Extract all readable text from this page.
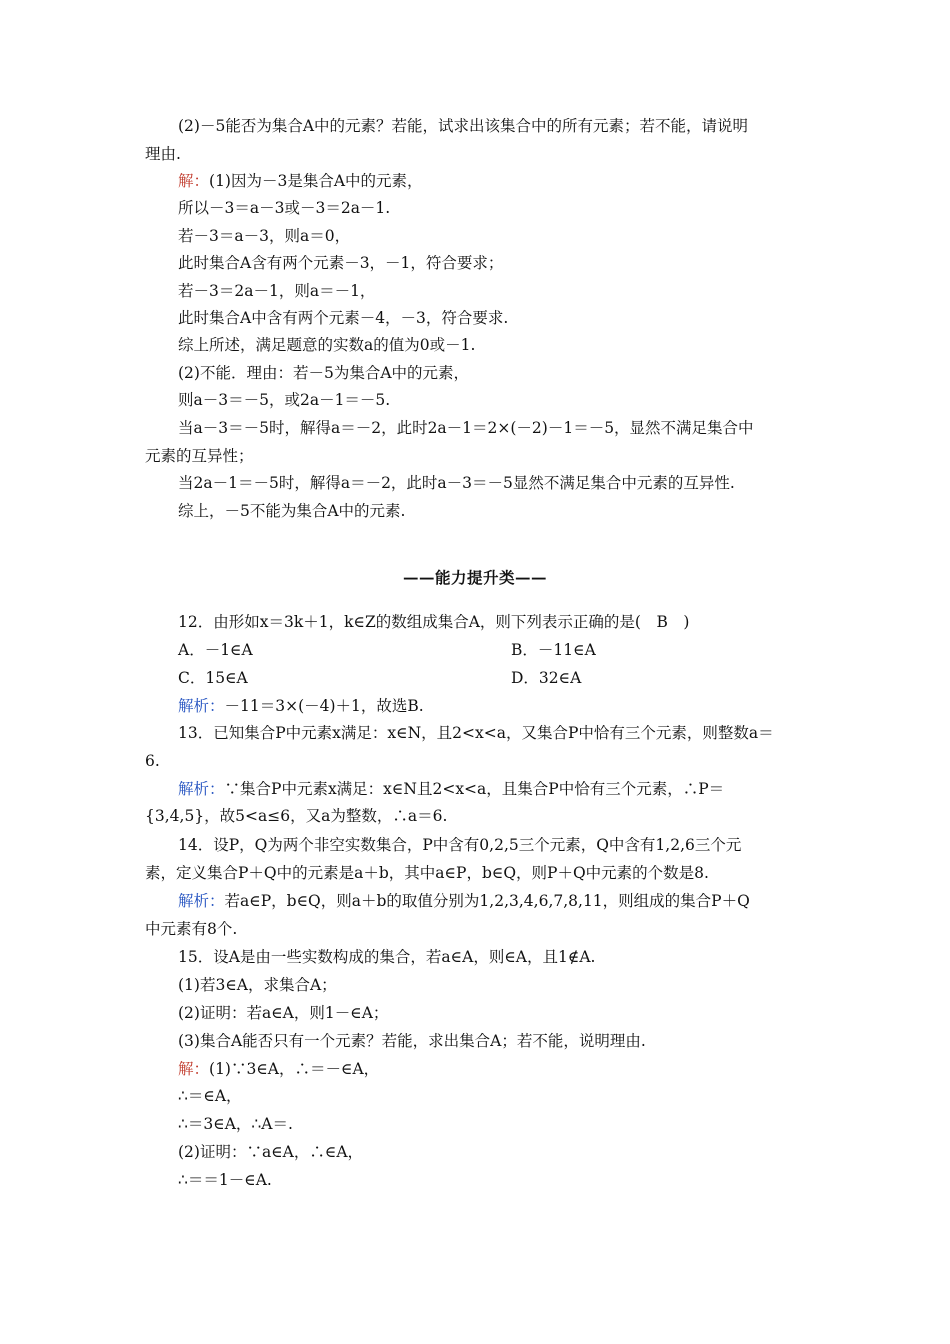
(2)－5能否为集合A中的元素？若能，试求出该集合中的所有元素；若不能，请说明
理由.
解：(1)因为－3是集合A中的元素，
所以－3＝a－3或－3＝2a－1.
若－3＝a－3，则a＝0，
此时集合A含有两个元素－3，－1，符合要求；
若－3＝2a－1，则a＝－1，
此时集合A中含有两个元素－4，－3，符合要求.
综上所述，满足题意的实数a的值为0或－1.
(2)不能．理由：若－5为集合A中的元素，
则a－3＝－5，或2a－1＝－5.
当a－3＝－5时，解得a＝－2，此时2a－1＝2×(－2)－1＝－5，显然不满足集合中
元素的互异性；
当2a－1＝－5时，解得a＝－2，此时a－3＝－5显然不满足集合中元素的互异性.
综上，－5不能为集合A中的元素.
——能力提升类——
12．由形如x＝3k＋1，k∈Z的数组成集合A，则下列表示正确的是(　B　)
A．－1∈A	B．－11∈A
C．15∈A	D．32∈A
解析：－11＝3×(－4)＋1，故选B.
13．已知集合P中元素x满足：x∈N，且2<x<a，又集合P中恰有三个元素，则整数a＝
6.
解析：∵集合P中元素x满足：x∈N且2<x<a，且集合P中恰有三个元素，∴P＝
{3,4,5}，故5<a≤6，又a为整数，∴a＝6.
14．设P，Q为两个非空实数集合，P中含有0,2,5三个元素，Q中含有1,2,6三个元
素，定义集合P＋Q中的元素是a＋b，其中a∈P，b∈Q，则P＋Q中元素的个数是8.
解析：若a∈P，b∈Q，则a＋b的取值分别为1,2,3,4,6,7,8,11，则组成的集合P＋Q
中元素有8个.
15．设A是由一些实数构成的集合，若a∈A，则∈A，且1∉A.
(1)若3∈A，求集合A；
(2)证明：若a∈A，则1－∈A；
(3)集合A能否只有一个元素？若能，求出集合A；若不能，说明理由.
解：(1)∵3∈A，∴＝－∈A，
∴＝∈A，
∴＝3∈A，∴A＝.
(2)证明：∵a∈A，∴∈A，
∴＝＝1－∈A.
